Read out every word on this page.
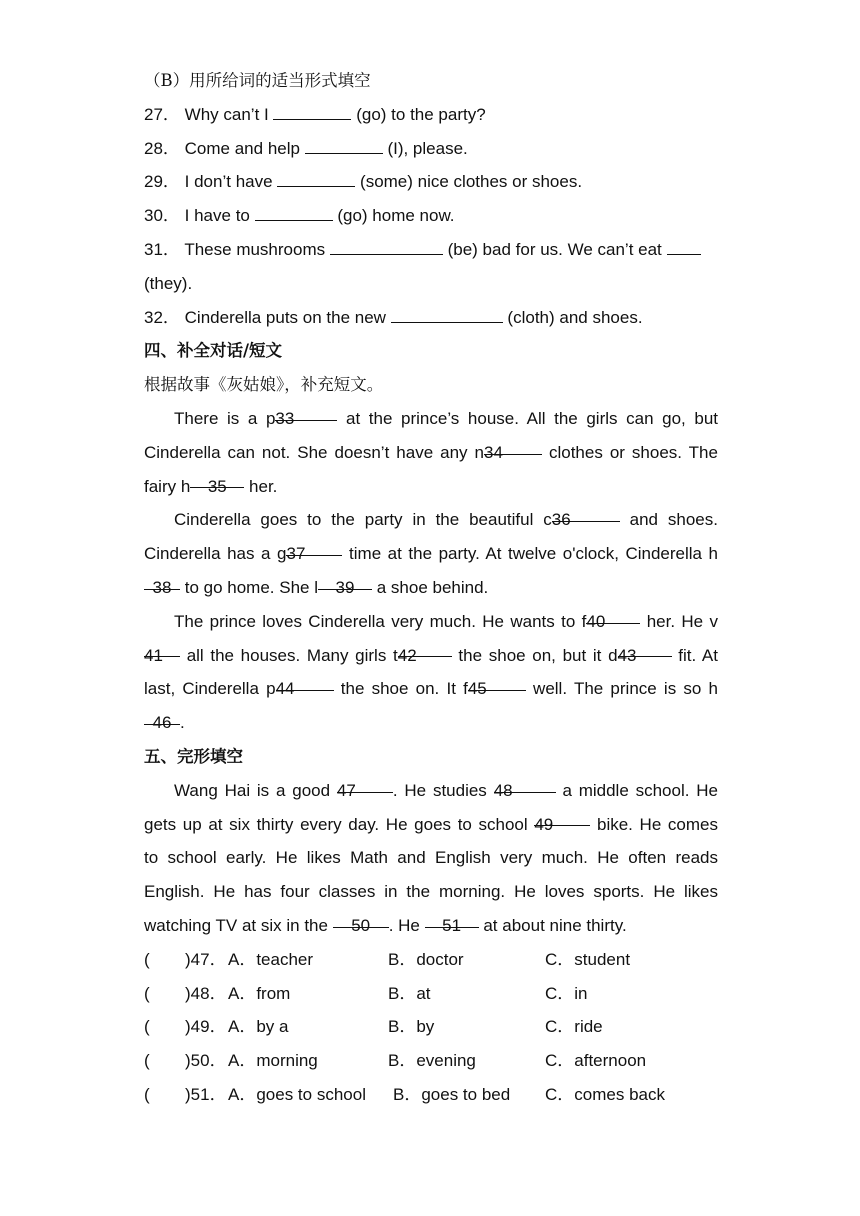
（B）用所给词的适当形式填空
27． Why can’t I	(go) to the party?
28． Come and help	(I), please.
29． I don’t have	(some) nice clothes or shoes.
30． I have to	(go) home now.
31． These mushrooms	(be) bad for us. We can’t eat
(they).
32． Cinderella puts on the new	(cloth) and shoes.
四、补全对话/短文
根据故事《灰姑娘》，补充短文。
There is a p33	at the prince’s house. All the girls can go, but
Cinderella can not. She doesn’t have any n34	clothes or shoes. The
fairy h 35 her.
Cinderella goes to the party in the beautiful c36	and shoes.
Cinderella has a g37	time at the party. At twelve o'clock, Cinderella h
38 to go home. She l 39 a shoe behind.
The prince loves Cinderella very much. He wants to f40 her. He v
41 all the houses. Many girls t42 the shoe on, but it d43 fit. At
last, Cinderella p44	the shoe on. It f45	well. The prince is so h
46 .
五、完形填空
Wang Hai is a good 47 . He studies 48	a middle school. He
gets up at six thirty every day. He goes to school 49	bike. He comes
to school early. He likes Math and English very much. He often reads
English. He has four classes in the morning. He loves sports. He likes
watching TV at six in the 50 . He 51 at about nine thirty.
( )47． A．teacher	B．doctor	C．student
( )48． A．from	B．at	C．in
( )49． A．by a	B．by	C．ride
( )50． A．morning	B．evening	C．afternoon
( )51． A．goes to school B．goes to bed C．comes back
